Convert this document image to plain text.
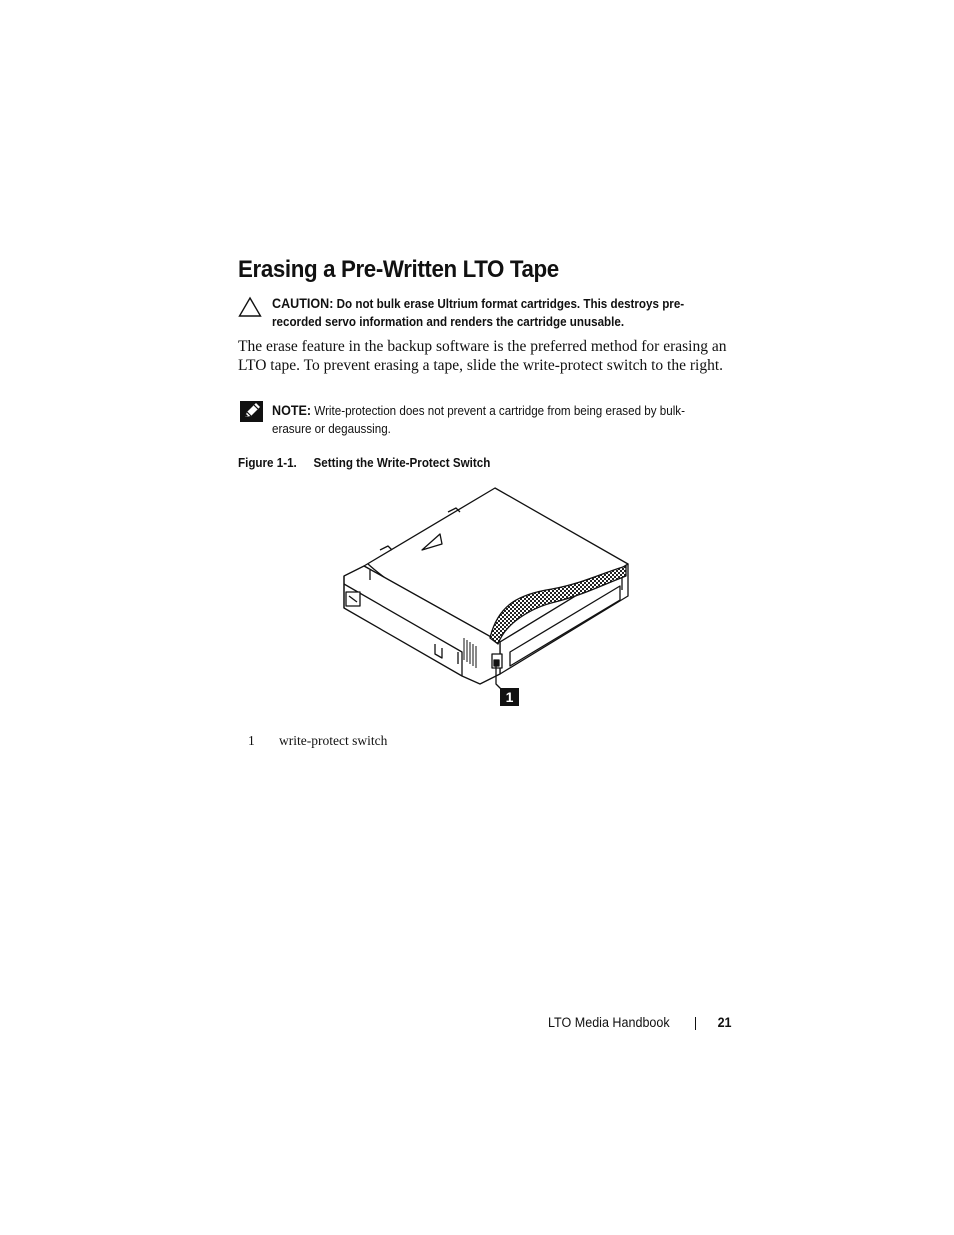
Erasing a Pre-Written LTO Tape
CAUTION: Do not bulk erase Ultrium format cartridges. This destroys pre-recorded servo information and renders the cartridge unusable.

The erase feature in the backup software is the preferred method for erasing an LTO tape. To prevent erasing a tape, slide the write-protect switch to the right.

NOTE: Write-protection does not prevent a cartridge from being erased by bulk-erasure or degaussing.
Figure 1-1. Setting the Write-Protect Switch
1
1 write-protect switch
LTO Media Handbook | 21
